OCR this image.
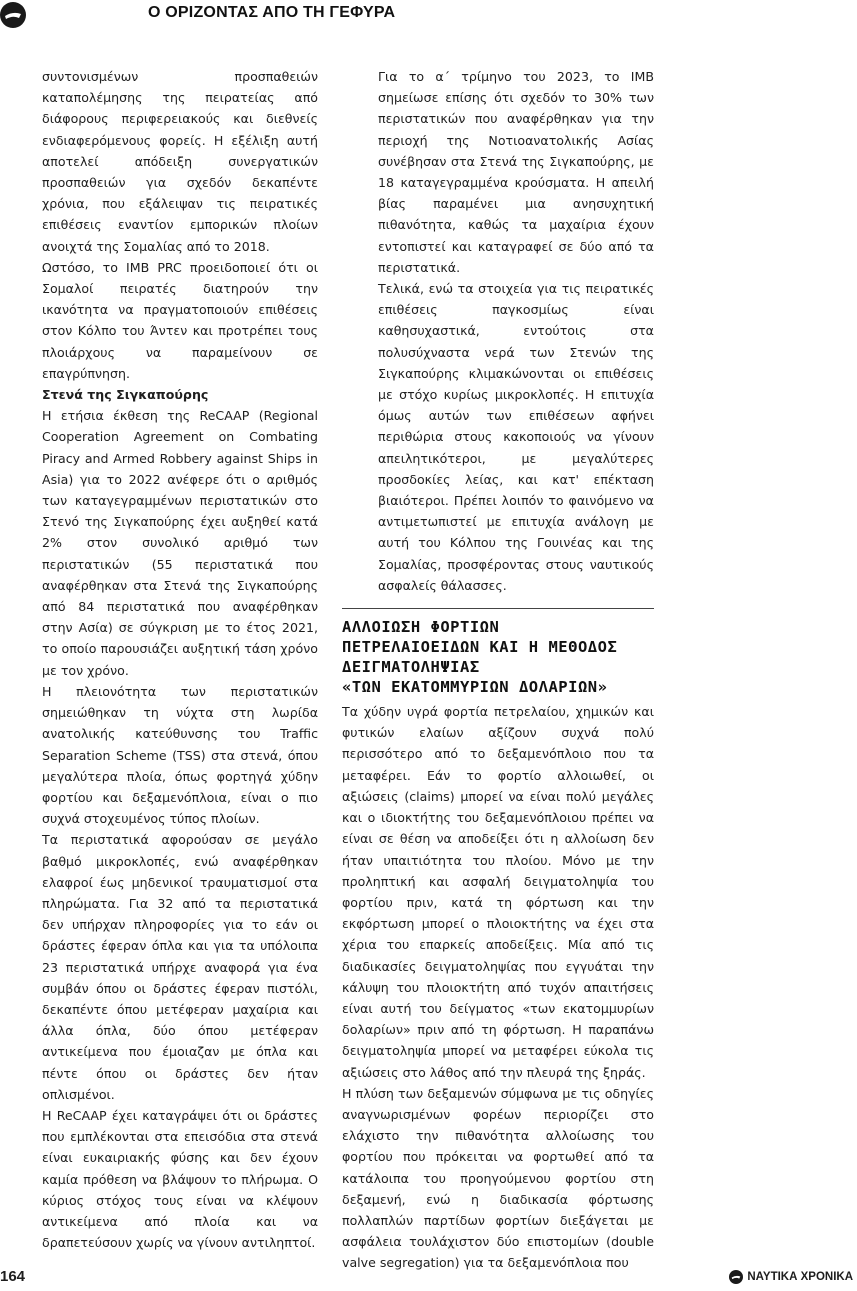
Ο ΟΡΙΖΟΝΤΑΣ ΑΠΟ ΤΗ ΓΕΦΥΡΑ

συντονισμένων προσπαθειών καταπολέμησης της πειρατείας από διάφορους περιφερειακούς και διεθνείς ενδιαφερόμενους φορείς. Η εξέλιξη αυτή αποτελεί απόδειξη συνεργατικών προσπαθειών για σχεδόν δεκαπέντε χρόνια, που εξάλειψαν τις πειρατικές επιθέσεις εναντίον εμπορικών πλοίων ανοιχτά της Σομαλίας από το 2018.

Ωστόσο, το IMB PRC προειδοποιεί ότι οι Σομαλοί πειρατές διατηρούν την ικανότητα να πραγματοποιούν επιθέσεις στον Κόλπο του Άντεν και προτρέπει τους πλοιάρχους να παραμείνουν σε επαγρύπνηση.

Στενά της Σιγκαπούρης

Η ετήσια έκθεση της ReCAAP (Regional Cooperation Agreement on Combating Piracy and Armed Robbery against Ships in Asia) για το 2022 ανέφερε ότι ο αριθμός των καταγεγραμμένων περιστατικών στο Στενό της Σιγκαπούρης έχει αυξηθεί κατά 2% στον συνολικό αριθμό των περιστατικών (55 περιστατικά που αναφέρθηκαν στα Στενά της Σιγκαπούρης από 84 περιστατικά που αναφέρθηκαν στην Ασία) σε σύγκριση με το έτος 2021, το οποίο παρουσιάζει αυξητική τάση χρόνο με τον χρόνο.

Η πλειονότητα των περιστατικών σημειώθηκαν τη νύχτα στη λωρίδα ανατολικής κατεύθυνσης του Traffic Separation Scheme (TSS) στα στενά, όπου μεγαλύτερα πλοία, όπως φορτηγά χύδην φορτίου και δεξαμενόπλοια, είναι ο πιο συχνά στοχευμένος τύπος πλοίων.

Τα περιστατικά αφορούσαν σε μεγάλο βαθμό μικροκλοπές, ενώ αναφέρθηκαν ελαφροί έως μηδενικοί τραυματισμοί στα πληρώματα. Για 32 από τα περιστατικά δεν υπήρχαν πληροφορίες για το εάν οι δράστες έφεραν όπλα και για τα υπόλοιπα 23 περιστατικά υπήρχε αναφορά για ένα συμβάν όπου οι δράστες έφεραν πιστόλι, δεκαπέντε όπου μετέφεραν μαχαίρια και άλλα όπλα, δύο όπου μετέφεραν αντικείμενα που έμοιαζαν με όπλα και πέντε όπου οι δράστες δεν ήταν οπλισμένοι.

Η ReCAAP έχει καταγράψει ότι οι δράστες που εμπλέκονται στα επεισόδια στα στενά είναι ευκαιριακής φύσης και δεν έχουν καμία πρόθεση να βλάψουν το πλήρωμα. Ο κύριος στόχος τους είναι να κλέψουν αντικείμενα από πλοία και να δραπετεύσουν χωρίς να γίνουν αντιληπτοί.

Για το α΄ τρίμηνο του 2023, το IMB σημείωσε επίσης ότι σχεδόν το 30% των περιστατικών που αναφέρθηκαν για την περιοχή της Νοτιοανατολικής Ασίας συνέβησαν στα Στενά της Σιγκαπούρης, με 18 καταγεγραμμένα κρούσματα. Η απειλή βίας παραμένει μια ανησυχητική πιθανότητα, καθώς τα μαχαίρια έχουν εντοπιστεί και καταγραφεί σε δύο από τα περιστατικά.

Τελικά, ενώ τα στοιχεία για τις πειρατικές επιθέσεις παγκοσμίως είναι καθησυχαστικά, εντούτοις στα πολυσύχναστα νερά των Στενών της Σιγκαπούρης κλιμακώνονται οι επιθέσεις με στόχο κυρίως μικροκλοπές. Η επιτυχία όμως αυτών των επιθέσεων αφήνει περιθώρια στους κακοποιούς να γίνουν απειλητικότεροι, με μεγαλύτερες προσδοκίες λείας, και κατ' επέκταση βιαιότεροι. Πρέπει λοιπόν το φαινόμενο να αντιμετωπιστεί με επιτυχία ανάλογη με αυτή του Κόλπου της Γουινέας και της Σομαλίας, προσφέροντας στους ναυτικούς ασφαλείς θάλασσες.

ΑΛΛΟΙΩΣΗ ΦΟΡΤΙΩΝ
ΠΕΤΡΕΛΑΙΟΕΙΔΩΝ ΚΑΙ Η ΜΕΘΟΔΟΣ
ΔΕΙΓΜΑΤΟΛΗΨΙΑΣ
«ΤΩΝ ΕΚΑΤΟΜΜΥΡΙΩΝ ΔΟΛΑΡΙΩΝ»

Τα χύδην υγρά φορτία πετρελαίου, χημικών και φυτικών ελαίων αξίζουν συχνά πολύ περισσότερο από το δεξαμενόπλοιο που τα μεταφέρει. Εάν το φορτίο αλλοιωθεί, οι αξιώσεις (claims) μπορεί να είναι πολύ μεγάλες και ο ιδιοκτήτης του δεξαμενόπλοιου πρέπει να είναι σε θέση να αποδείξει ότι η αλλοίωση δεν ήταν υπαιτιότητα του πλοίου. Μόνο με την προληπτική και ασφαλή δειγματοληψία του φορτίου πριν, κατά τη φόρτωση και την εκφόρτωση μπορεί ο πλοιοκτήτης να έχει στα χέρια του επαρκείς αποδείξεις. Μία από τις διαδικασίες δειγματοληψίας που εγγυάται την κάλυψη του πλοιοκτήτη από τυχόν απαιτήσεις είναι αυτή του δείγματος «των εκατομμυρίων δολαρίων» πριν από τη φόρτωση. Η παραπάνω δειγματοληψία μπορεί να μεταφέρει εύκολα τις αξιώσεις στο λάθος από την πλευρά της ξηράς.

Η πλύση των δεξαμενών σύμφωνα με τις οδηγίες αναγνωρισμένων φορέων περιορίζει στο ελάχιστο την πιθανότητα αλλοίωσης του φορτίου που πρόκειται να φορτωθεί από τα κατάλοιπα του προηγούμενου φορτίου στη δεξαμενή, ενώ η διαδικασία φόρτωσης πολλαπλών παρτίδων φορτίων διεξάγεται με ασφάλεια τουλάχιστον δύο επιστομίων (double valve segregation) για τα δεξαμενόπλοια που

164	ΝΑΥΤΙΚΑ ΧΡΟΝΙΚΑ
